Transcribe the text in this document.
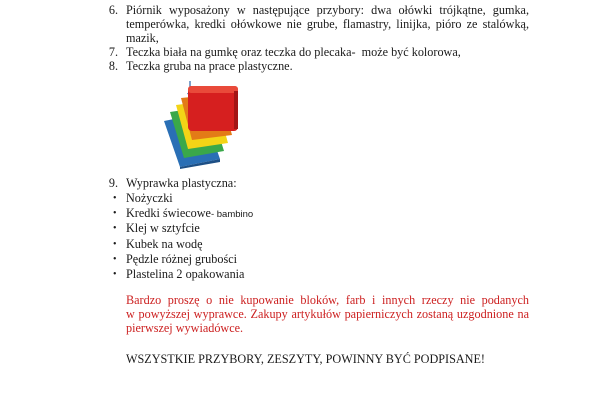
6. Piórnik wyposażony w następujące przybory: dwa ołówki trójkątne, gumka,
temperówka, kredki ołówkowe nie grube, flamastry, linijka, pióro ze stalówką,
mazik,
7. Teczka biała na gumkę oraz teczka do plecaka-  może być kolorowa,
8. Teczka gruba na prace plastyczne.
9. Wyprawka plastyczna:
• Nożyczki
• Kredki świecowe- bambino
• Klej w sztyfcie
• Kubek na wodę
• Pędzle różnej grubości
• Plastelina 2 opakowania
Bardzo proszę o nie kupowanie bloków, farb i innych rzeczy nie podanych
w powyższej wyprawce. Zakupy artykułów papierniczych zostaną uzgodnione na
pierwszej wywiadówce.
WSZYSTKIE PRZYBORY, ZESZYTY, POWINNY BYĆ PODPISANE!
